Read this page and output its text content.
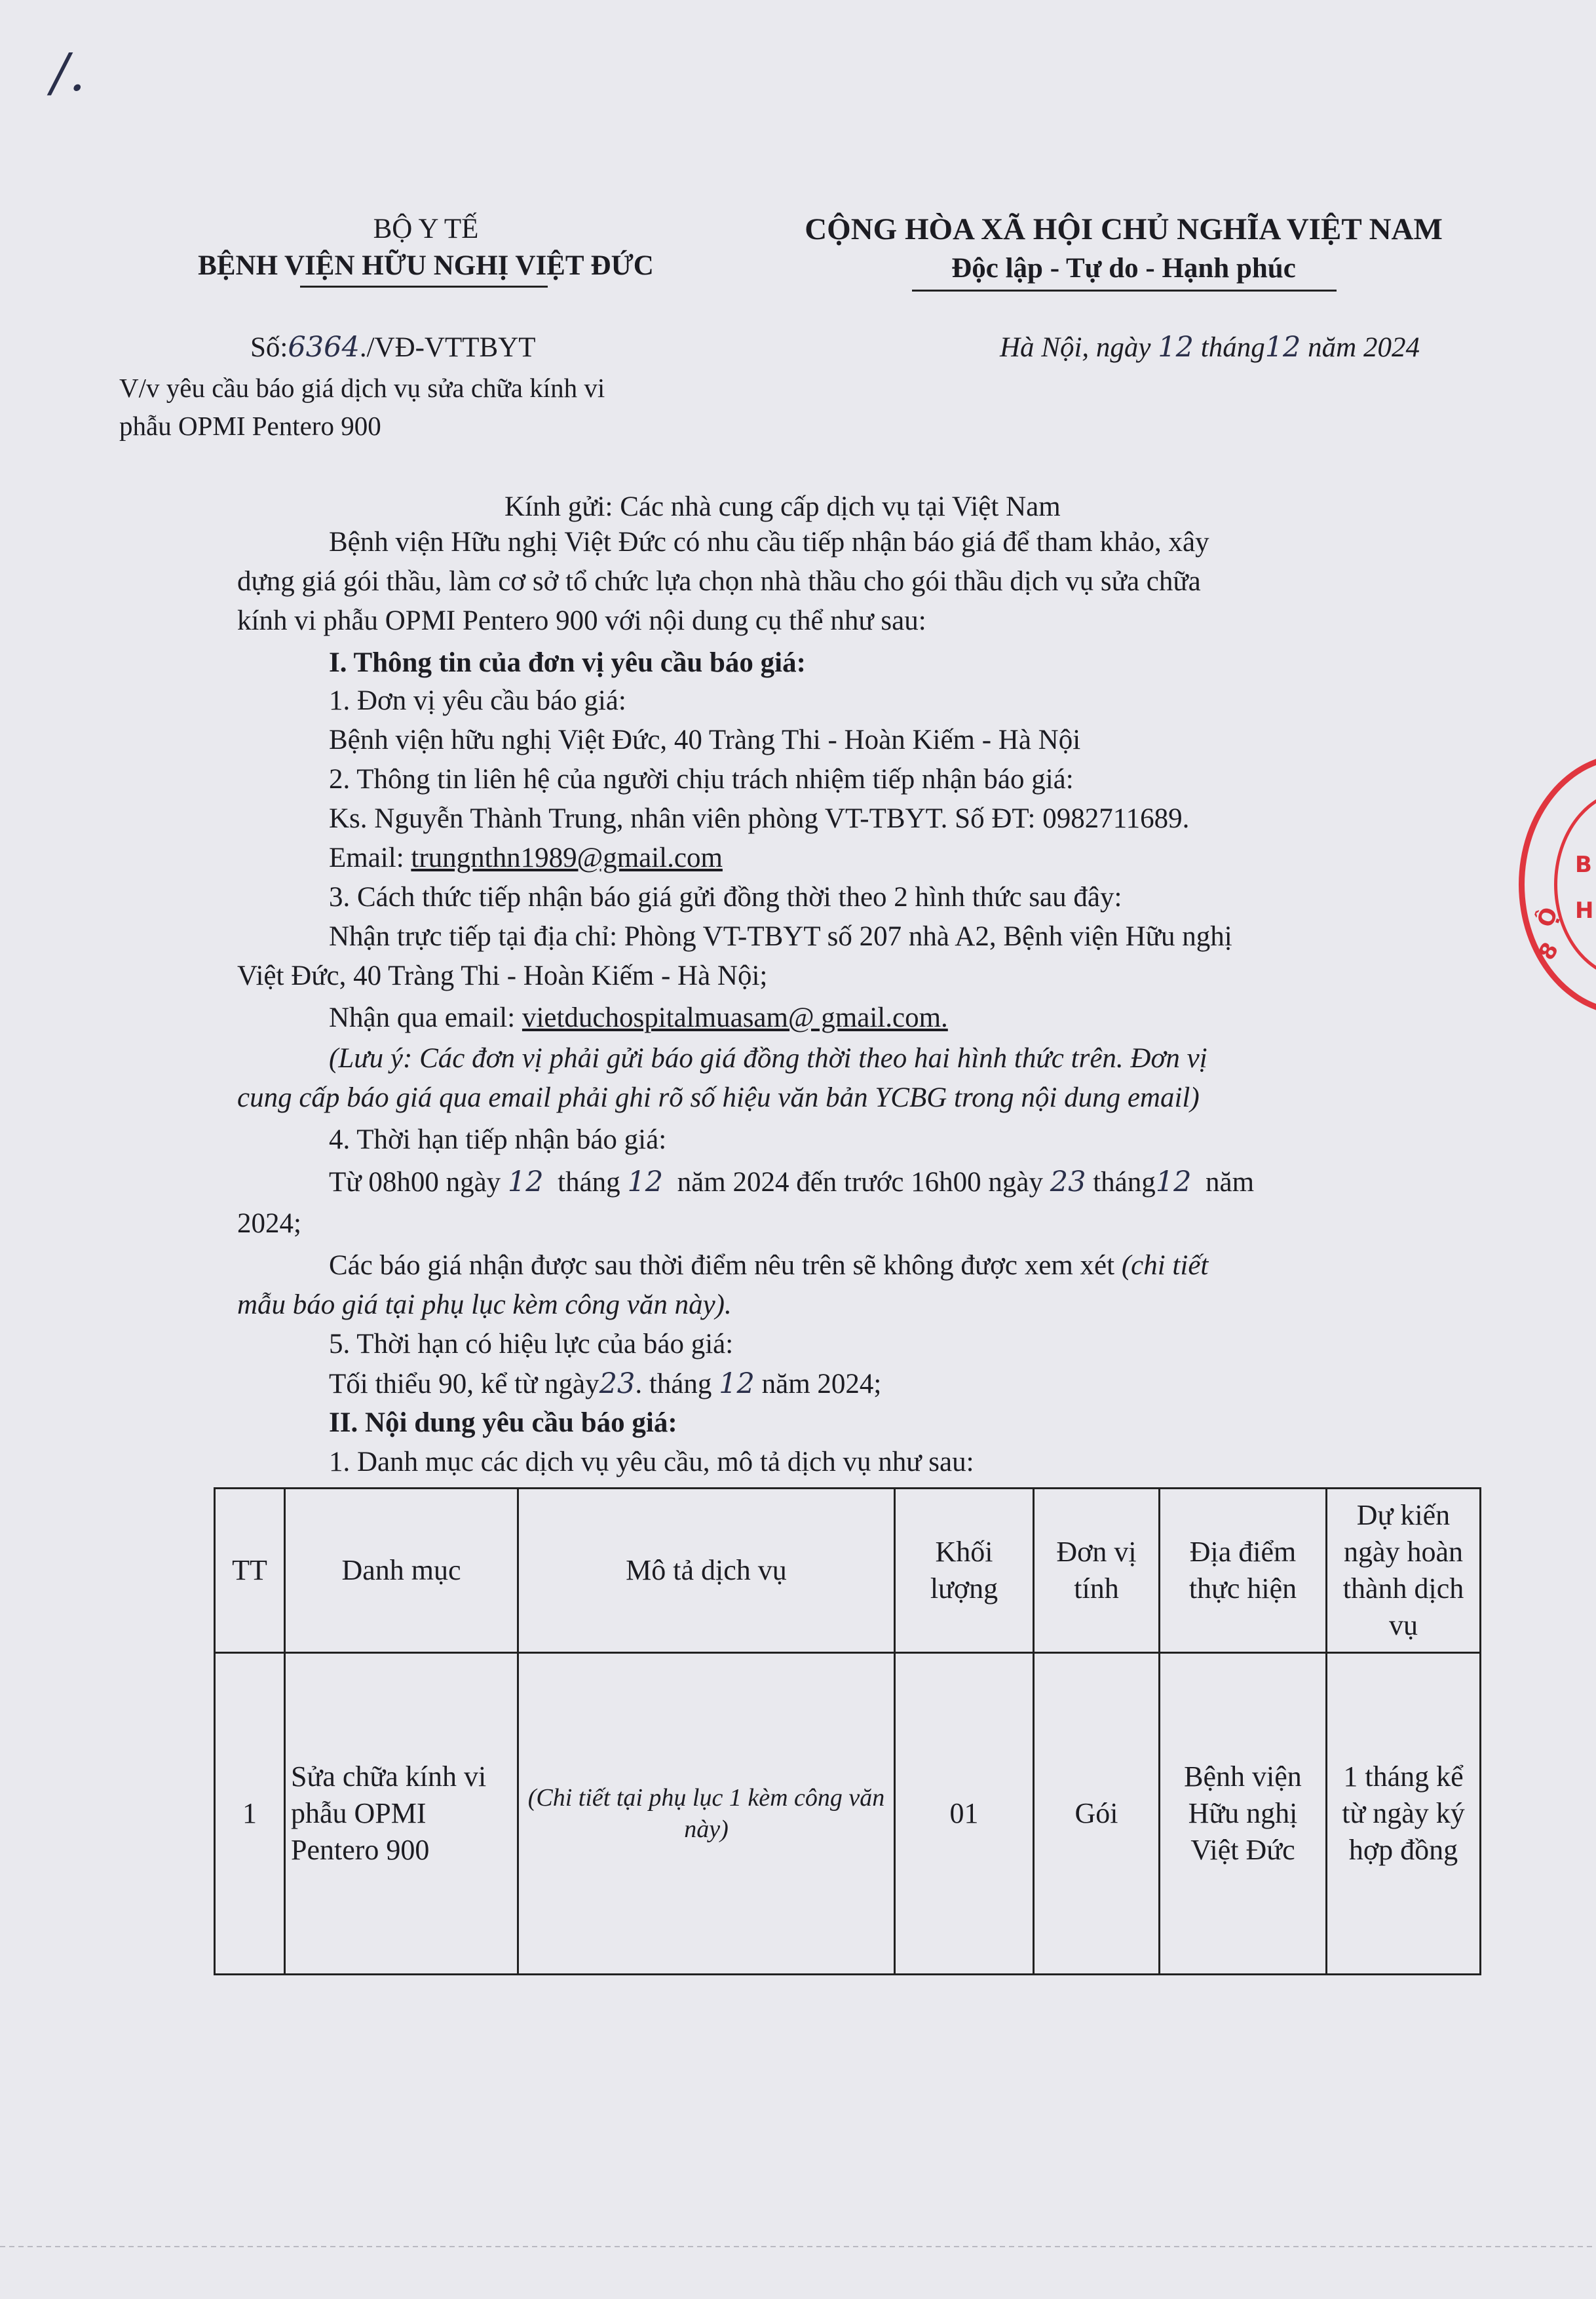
/.
BỘ Y TẾ
BỆNH VIỆN HỮU NGHỊ VIỆT ĐỨC
CỘNG HÒA XÃ HỘI CHỦ NGHĨA VIỆT NAM
Độc lập - Tự do - Hạnh phúc
Số:6364./VĐ-VTTBYT
V/v yêu cầu báo giá dịch vụ sửa chữa kính vi
phẫu OPMI Pentero 900
Hà Nội, ngày 12 tháng12 năm 2024
Kính gửi: Các nhà cung cấp dịch vụ tại Việt Nam
Bệnh viện Hữu nghị Việt Đức có nhu cầu tiếp nhận báo giá để tham khảo, xây
dựng giá gói thầu, làm cơ sở tổ chức lựa chọn nhà thầu cho gói thầu dịch vụ sửa chữa
kính vi phẫu OPMI Pentero 900 với nội dung cụ thể như sau:
I. Thông tin của đơn vị yêu cầu báo giá:
1. Đơn vị yêu cầu báo giá:
Bệnh viện hữu nghị Việt Đức, 40 Tràng Thi - Hoàn Kiếm - Hà Nội
2. Thông tin liên hệ của người chịu trách nhiệm tiếp nhận báo giá:
Ks. Nguyễn Thành Trung, nhân viên phòng VT-TBYT. Số ĐT: 0982711689.
Email: trungnthn1989@gmail.com
3. Cách thức tiếp nhận báo giá gửi đồng thời theo 2 hình thức sau đây:
Nhận trực tiếp tại địa chỉ: Phòng VT-TBYT số 207 nhà A2, Bệnh viện Hữu nghị
Việt Đức, 40 Tràng Thi - Hoàn Kiếm - Hà Nội;
Nhận qua email: vietduchospitalmuasam@ gmail.com.
(Lưu ý: Các đơn vị phải gửi báo giá đồng thời theo hai hình thức trên. Đơn vị
cung cấp báo giá qua email phải ghi rõ số hiệu văn bản YCBG trong nội dung email)
4. Thời hạn tiếp nhận báo giá:
Từ 08h00 ngày 12 tháng 12 năm 2024 đến trước 16h00 ngày 23 tháng12 năm
2024;
Các báo giá nhận được sau thời điểm nêu trên sẽ không được xem xét (chi tiết
mẫu báo giá tại phụ lục kèm công văn này).
5. Thời hạn có hiệu lực của báo giá:
Tối thiểu 90, kể từ ngày23. tháng 12 năm 2024;
II. Nội dung yêu cầu báo giá:
1. Danh mục các dịch vụ yêu cầu, mô tả dịch vụ như sau:
TT	Danh mục	Mô tả dịch vụ	Khối lượng	Đơn vị tính	Địa điểm thực hiện	Dự kiến ngày hoàn thành dịch vụ
1	Sửa chữa kính vi phẫu OPMI Pentero 900	(Chi tiết tại phụ lục 1 kèm công văn này)	01	Gói	Bệnh viện Hữu nghị Việt Đức	1 tháng kể từ ngày ký hợp đồng
B
H
Ộ
8
